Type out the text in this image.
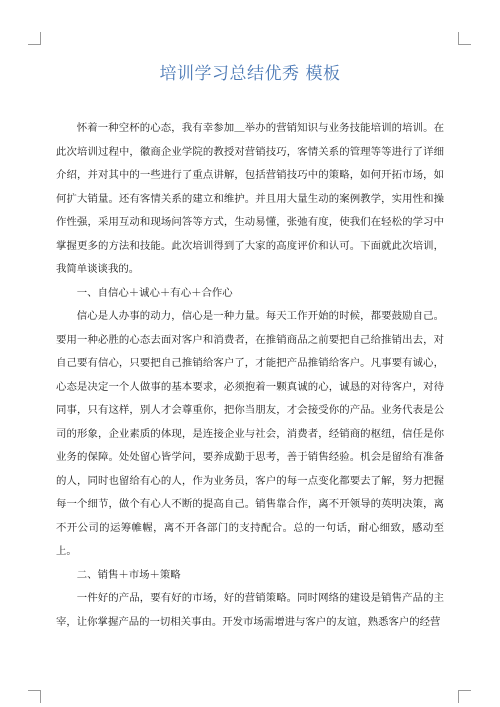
培训学习总结优秀 模板

怀着一种空杯的心态，我有幸参加＿举办的营销知识与业务技能培训的培训。在此次培训过程中，徽商企业学院的教授对营销技巧，客情关系的管理等等进行了详细介绍，并对其中的一些进行了重点讲解，包括营销技巧中的策略，如何开拓市场，如何扩大销量。还有客情关系的建立和维护。并且用大量生动的案例教学，实用性和操作性强，采用互动和现场问答等方式，生动易懂，张弛有度，使我们在轻松的学习中掌握更多的方法和技能。此次培训得到了大家的高度评价和认可。下面就此次培训，我简单谈谈我的。

一、自信心＋诚心＋有心＋合作心

信心是人办事的动力，信心是一种力量。每天工作开始的时候，都要鼓励自己。要用一种必胜的心态去面对客户和消费者，在推销商品之前要把自己给推销出去，对自己要有信心，只要把自己推销给客户了，才能把产品推销给客户。凡事要有诚心，心态是决定一个人做事的基本要求，必须抱着一颗真诚的心，诚恳的对待客户，对待同事，只有这样，别人才会尊重你，把你当朋友，才会接受你的产品。业务代表是公司的形象，企业素质的体现，是连接企业与社会，消费者，经销商的枢纽，信任是你业务的保障。处处留心皆学问，要养成勤于思考，善于销售经验。机会是留给有准备的人，同时也留给有心的人，作为业务员，客户的每一点变化都要去了解，努力把握每一个细节，做个有心人不断的提高自己。销售靠合作，离不开领导的英明决策，离不开公司的运筹帷幄，离不开各部门的支持配合。总的一句话，耐心细致，感动至上。

二、销售＋市场＋策略

一件好的产品，要有好的市场，好的营销策略。同时网络的建设是销售产品的主宰，让你掌握产品的一切相关事由。开发市场需增进与客户的友谊，熟悉客户的经营
